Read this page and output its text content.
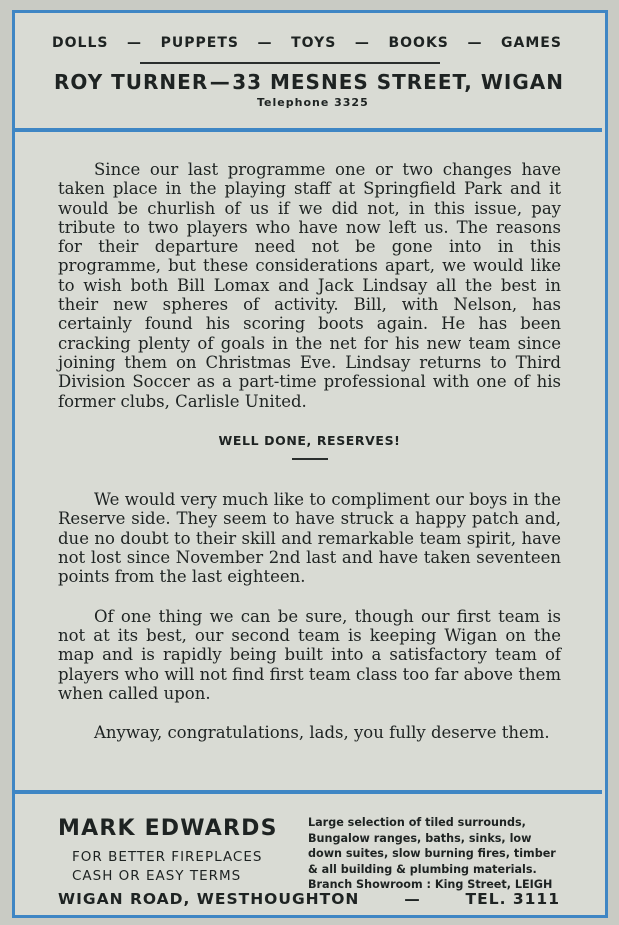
DOLLS — PUPPETS — TOYS — BOOKS — GAMES
ROY TURNER — 33 MESNES STREET, WIGAN
Telephone 3325

Since our last programme one or two changes have taken place in the playing staff at Springfield Park and it would be churlish of us if we did not, in this issue, pay tribute to two players who have now left us. The reasons for their departure need not be gone into in this programme, but these considerations apart, we would like to wish both Bill Lomax and Jack Lindsay all the best in their new spheres of activity. Bill, with Nelson, has certainly found his scoring boots again. He has been cracking plenty of goals in the net for his new team since joining them on Christmas Eve. Lindsay returns to Third Division Soccer as a part-time professional with one of his former clubs, Carlisle United.

WELL DONE, RESERVES!

We would very much like to compliment our boys in the Reserve side. They seem to have struck a happy patch and, due no doubt to their skill and remarkable team spirit, have not lost since November 2nd last and have taken seventeen points from the last eighteen.

Of one thing we can be sure, though our first team is not at its best, our second team is keeping Wigan on the map and is rapidly being built into a satisfactory team of players who will not find first team class too far above them when called upon.

Anyway, congratulations, lads, you fully deserve them.

MARK EDWARDS
FOR BETTER FIREPLACES
CASH OR EASY TERMS
Large selection of tiled surrounds,
Bungalow ranges, baths, sinks, low
down suites, slow burning fires, timber
& all building & plumbing materials.
Branch Showroom : King Street, LEIGH
WIGAN ROAD, WESTHOUGHTON	—	TEL. 3111
